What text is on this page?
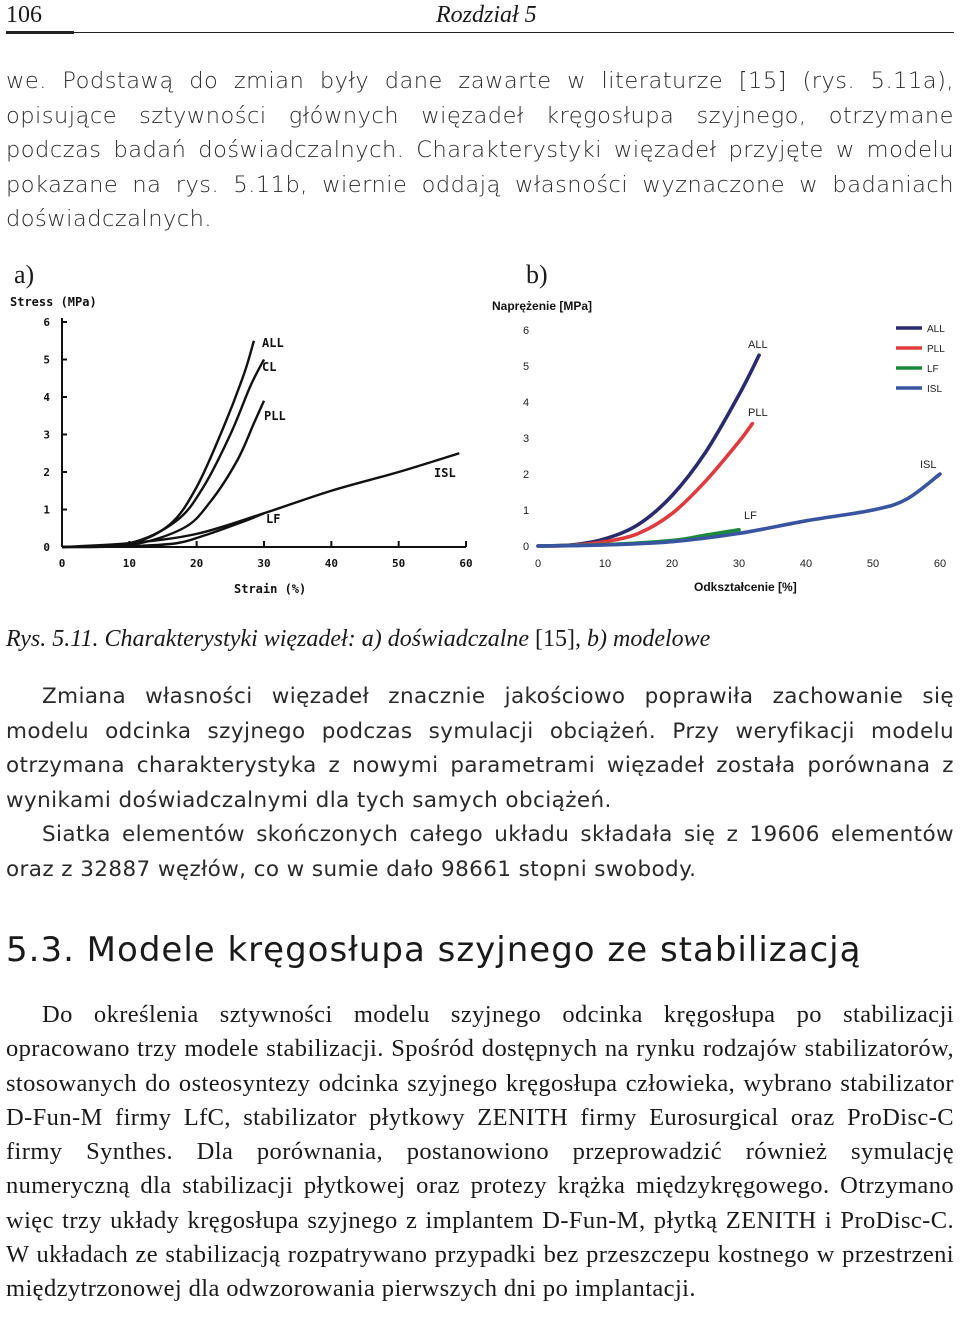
106	Rozdział 5

we. Podstawą do zmian były dane zawarte w literaturze [15] (rys. 5.11a), opisujące sztywności głównych więzadeł kręgosłupa szyjnego, otrzymane podczas badań doświadczalnych. Charakterystyki więzadeł przyjęte w modelu pokazane na rys. 5.11b, wiernie oddają własności wyznaczone w badaniach doświadczalnych.

a)	b)
0	10	20	30	40	50	60
0
1
2
3
4
5
6
Stress (MPa)
Strain (%)
ALL
CL
PLL
ISL
LF
0	10	20	30	40	50	60
0
1
2
3
4
5
6
Naprężenie [MPa]
Odkształcenie [%]
ALL
PLL
ISL
LF
ALL
PLL
LF
ISL
Rys. 5.11. Charakterystyki więzadeł: a) doświadczalne [15], b) modelowe
Zmiana własności więzadeł znacznie jakościowo poprawiła zachowanie się modelu odcinka szyjnego podczas symulacji obciążeń. Przy weryfikacji modelu otrzymana charakterystyka z nowymi parametrami więzadeł została porównana z wynikami doświadczalnymi dla tych samych obciążeń.
Siatka elementów skończonych całego układu składała się z 19606 elementów oraz z 32887 węzłów, co w sumie dało 98661 stopni swobody.
5.3. Modele kręgosłupa szyjnego ze stabilizacją
Do określenia sztywności modelu szyjnego odcinka kręgosłupa po stabilizacji opracowano trzy modele stabilizacji. Spośród dostępnych na rynku rodzajów stabilizatorów, stosowanych do osteosyntezy odcinka szyjnego kręgosłupa człowieka, wybrano stabilizator D-Fun-M firmy LfC, stabilizator płytkowy ZENITH firmy Eurosurgical oraz ProDisc-C firmy Synthes. Dla porównania, postanowiono przeprowadzić również symulację numeryczną dla stabilizacji płytkowej oraz protezy krążka międzykręgowego. Otrzymano więc trzy układy kręgosłupa szyjnego z implantem D-Fun-M, płytką ZENITH i ProDisc-C. W układach ze stabilizacją rozpatrywano przypadki bez przeszczepu kostnego w przestrzeni międzytrzonowej dla odwzorowania pierwszych dni po implantacji.
